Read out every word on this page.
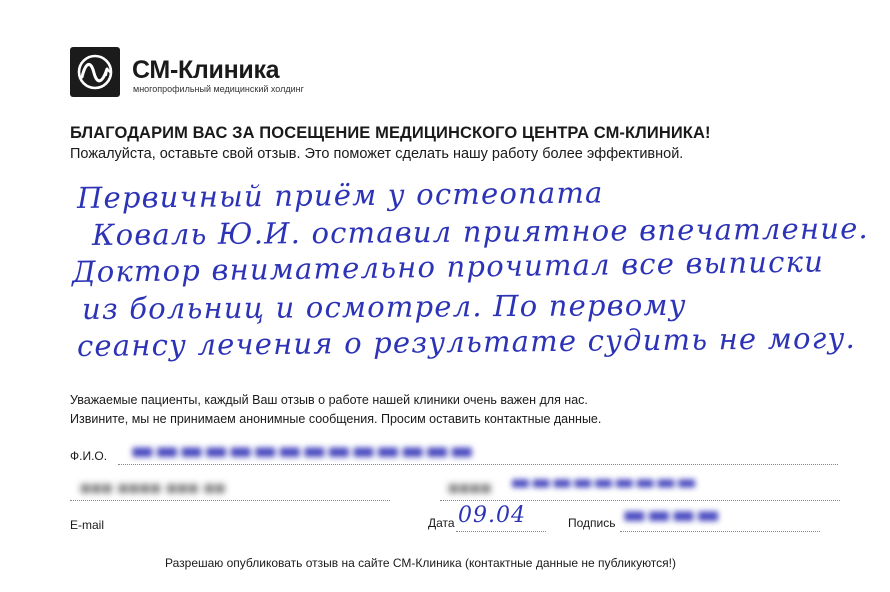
СМ-Клиника
многопрофильный медицинский холдинг
БЛАГОДАРИМ ВАС ЗА ПОСЕЩЕНИЕ МЕДИЦИНСКОГО ЦЕНТРА СМ-КЛИНИКА!
Пожалуйста, оставьте свой отзыв. Это поможет сделать нашу работу более эффективной.
Первичный приём у остеопата
Коваль Ю.И. оставил приятное впечатление.
Доктор внимательно прочитал все выписки
из больниц и осмотрел. По первому
сеансу лечения о результате судить не могу.
Уважаемые пациенты, каждый Ваш отзыв о работе нашей клиники очень важен для нас.
Извините, мы не принимаем анонимные сообщения. Просим оставить контактные данные.
Ф.И.О. ▬▬▬▬▬▬▬▬▬▬▬▬▬▬
■■■ ■■■■ ■■■ ■■	■■■■ ▬▬▬▬▬▬▬▬▬
E-mail	Дата 09.04	Подпись ▬▬▬▬
Разрешаю опубликовать отзыв на сайте СМ-Клиника (контактные данные не публикуются!)
